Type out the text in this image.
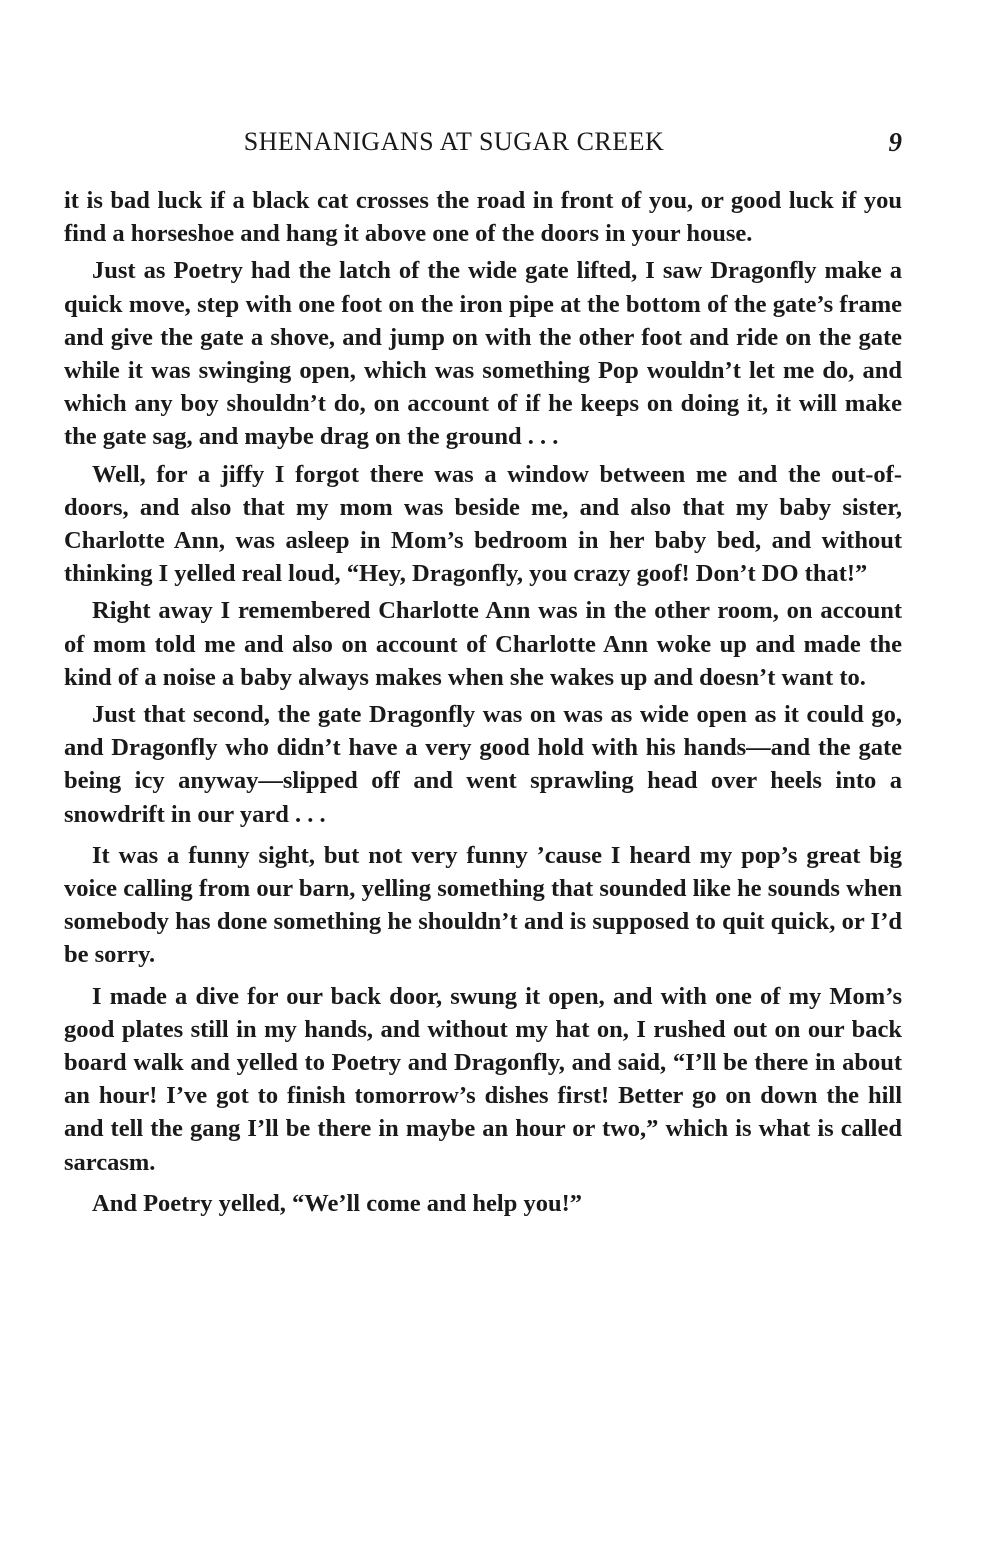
SHENANIGANS AT SUGAR CREEK	9

it is bad luck if a black cat crosses the road in front of you, or good luck if you find a horseshoe and hang it above one of the doors in your house.

Just as Poetry had the latch of the wide gate lifted, I saw Dragonfly make a quick move, step with one foot on the iron pipe at the bottom of the gate’s frame and give the gate a shove, and jump on with the other foot and ride on the gate while it was swinging open, which was something Pop wouldn’t let me do, and which any boy shouldn’t do, on account of if he keeps on doing it, it will make the gate sag, and maybe drag on the ground . . .

Well, for a jiffy I forgot there was a window between me and the out-of-doors, and also that my mom was beside me, and also that my baby sister, Charlotte Ann, was asleep in Mom’s bedroom in her baby bed, and without thinking I yelled real loud, “Hey, Dragonfly, you crazy goof! Don’t DO that!”

Right away I remembered Charlotte Ann was in the other room, on account of mom told me and also on account of Charlotte Ann woke up and made the kind of a noise a baby always makes when she wakes up and doesn’t want to.

Just that second, the gate Dragonfly was on was as wide open as it could go, and Dragonfly who didn’t have a very good hold with his hands—and the gate being icy anyway—slipped off and went sprawling head over heels into a snowdrift in our yard . . .

It was a funny sight, but not very funny ’cause I heard my pop’s great big voice calling from our barn, yelling something that sounded like he sounds when somebody has done something he shouldn’t and is supposed to quit quick, or I’d be sorry.

I made a dive for our back door, swung it open, and with one of my Mom’s good plates still in my hands, and without my hat on, I rushed out on our back board walk and yelled to Poetry and Dragonfly, and said, “I’ll be there in about an hour! I’ve got to finish tomorrow’s dishes first! Better go on down the hill and tell the gang I’ll be there in maybe an hour or two,” which is what is called sarcasm.

And Poetry yelled, “We’ll come and help you!”
